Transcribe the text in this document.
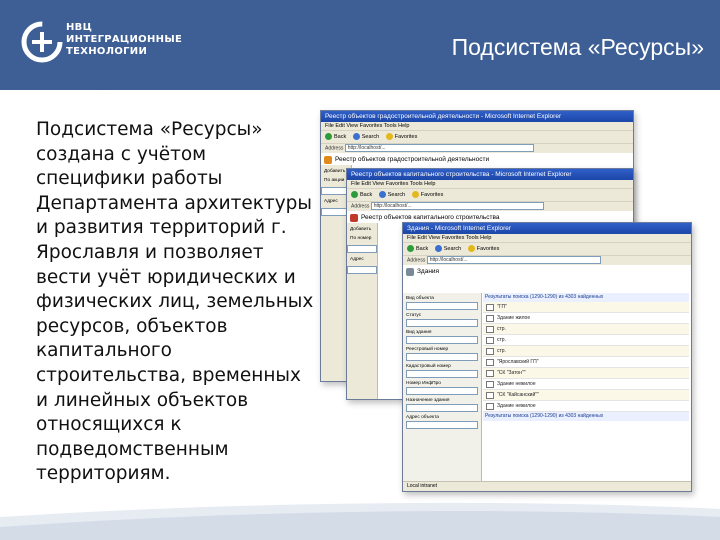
НВЦ
ИНТЕГРАЦИОННЫЕ
ТЕХНОЛОГИИ	Подсистема «Ресурсы»
Подсистема «Ресурсы» создана с учётом специфики работы Департамента архитектуры и развития территорий г. Ярославля и позволяет вести учёт юридических и физических лиц, земельных ресурсов, объектов капитального строительства, временных и линейных объектов относящихся к подведомственным территориям.
Реестр объектов градостроительной деятельности - Microsoft Internet Explorer
File Edit View Favorites Tools Help
Back	Search	Favorites
Address http://localhost/...
Реестр объектов градостроительной деятельности
Добавить
По акции
Адрес
Реестр объектов капитального строительства - Microsoft Internet Explorer
File Edit View Favorites Tools Help
Back	Search	Favorites
Address http://localhost/...
Реестр объектов капитального строительства
Добавить
По номер
Адрес
Здания - Microsoft Internet Explorer
File Edit View Favorites Tools Help
Back	Search	Favorites
Address http://localhost/...
Здания
Вид объекта
Статус
Вид здания
Реестровый номер
Кадастровый номер
Номер ИнфПро
Назначение здания
Адрес объекта
Результаты поиска (1290-1290) из 4303 найденных
"ГП"
Здание жилое
стр.
стр.
стр.
"Ярославский ГП"
"СК "Затон""
Здание нежилое
"СК "Кайсанский""
Здание нежилое
Результаты поиска (1290-1290) из 4303 найденных
Local intranet
